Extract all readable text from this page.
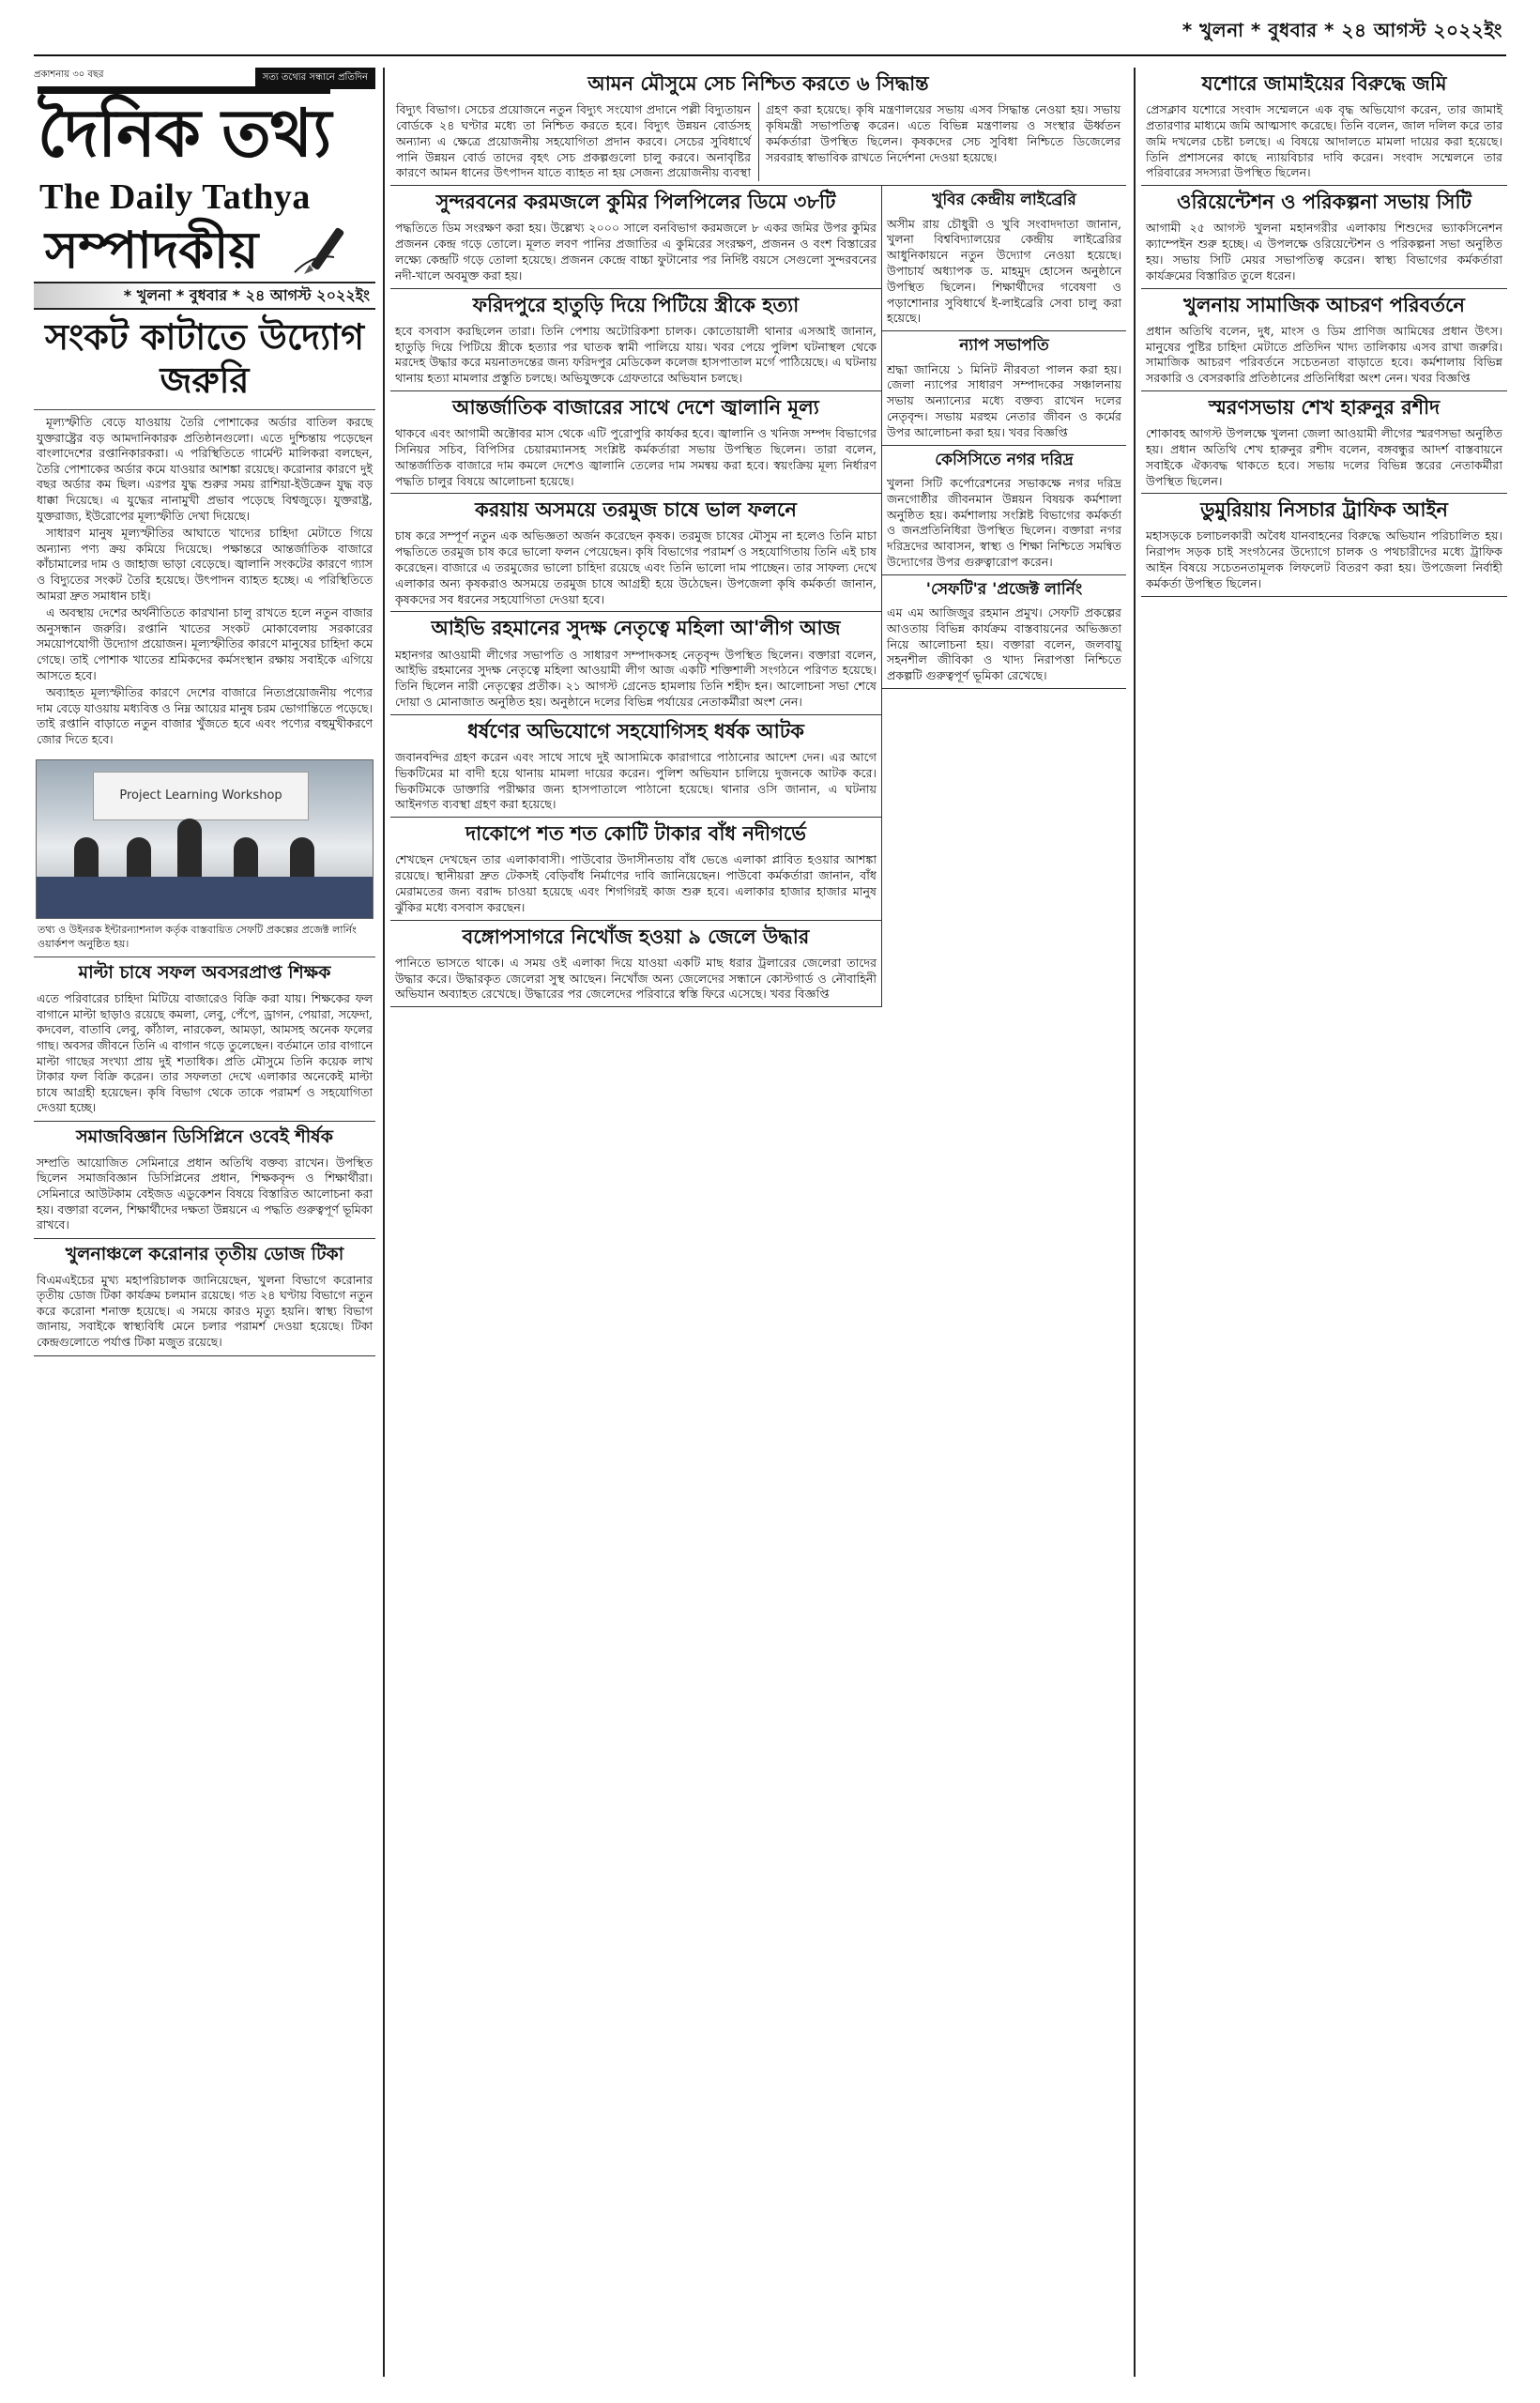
* খুলনা * বুধবার * ২৪ আগস্ট ২০২২ইং
প্রকাশনায় ৩০ বছর	সত্য তথ্যের সন্ধানে প্রতিদিন
দৈনিক তথ্য
The Daily Tathya
সম্পাদকীয়
* খুলনা * বুধবার * ২৪ আগস্ট ২০২২ইং
সংকট কাটাতে উদ্যোগ জরুরি

মূল্যস্ফীতি বেড়ে যাওয়ায় তৈরি পোশাকের অর্ডার বাতিল করছে যুক্তরাষ্ট্রের বড় আমদানিকারক প্রতিষ্ঠানগুলো। এতে দুশ্চিন্তায় পড়েছেন বাংলাদেশের রপ্তানিকারকরা। এ পরিস্থিতিতে গার্মেন্ট মালিকরা বলছেন, তৈরি পোশাকের অর্ডার কমে যাওয়ার আশঙ্কা রয়েছে। করোনার কারণে দুই বছর অর্ডার কম ছিল। এরপর যুদ্ধ শুরুর সময় রাশিয়া-ইউক্রেন যুদ্ধ বড় ধাক্কা দিয়েছে। এ যুদ্ধের নানামুখী প্রভাব পড়েছে বিশ্বজুড়ে। যুক্তরাষ্ট্র, যুক্তরাজ্য, ইউরোপের মূল্যস্ফীতি দেখা দিয়েছে।

সাধারণ মানুষ মূল্যস্ফীতির আঘাতে খাদ্যের চাহিদা মেটাতে গিয়ে অন্যান্য পণ্য ক্রয় কমিয়ে দিয়েছে। পক্ষান্তরে আন্তর্জাতিক বাজারে কাঁচামালের দাম ও জাহাজ ভাড়া বেড়েছে। জ্বালানি সংকটের কারণে গ্যাস ও বিদ্যুতের সংকট তৈরি হয়েছে। উৎপাদন ব্যাহত হচ্ছে। এ পরিস্থিতিতে আমরা দ্রুত সমাধান চাই।

এ অবস্থায় দেশের অর্থনীতিতে কারখানা চালু রাখতে হলে নতুন বাজার অনুসন্ধান জরুরি। রপ্তানি খাতের সংকট মোকাবেলায় সরকারের সময়োপযোগী উদ্যোগ প্রয়োজন। মূল্যস্ফীতির কারণে মানুষের চাহিদা কমে গেছে। তাই পোশাক খাতের শ্রমিকদের কর্মসংস্থান রক্ষায় সবাইকে এগিয়ে আসতে হবে।

অব্যাহত মূল্যস্ফীতির কারণে দেশের বাজারে নিত্যপ্রয়োজনীয় পণ্যের দাম বেড়ে যাওয়ায় মধ্যবিত্ত ও নিম্ন আয়ের মানুষ চরম ভোগান্তিতে পড়েছে। তাই রপ্তানি বাড়াতে নতুন বাজার খুঁজতে হবে এবং পণ্যের বহুমুখীকরণে জোর দিতে হবে।

Project Learning Workshop
তথ্য ও উইনরক ইন্টারন্যাশনাল কর্তৃক বাস্তবায়িত সেফটি প্রকল্পের প্রজেক্ট লার্নিং ওয়ার্কশপ অনুষ্ঠিত হয়।
মাল্টা চাষে সফল অবসরপ্রাপ্ত শিক্ষক
এতে পরিবারের চাহিদা মিটিয়ে বাজারেও বিক্রি করা যায়। শিক্ষকের ফল বাগানে মাল্টা ছাড়াও রয়েছে কমলা, লেবু, পেঁপে, ড্রাগন, পেয়ারা, সফেদা, কদবেল, বাতাবি লেবু, কাঁঠাল, নারকেল, আমড়া, আমসহ অনেক ফলের গাছ। অবসর জীবনে তিনি এ বাগান গড়ে তুলেছেন। বর্তমানে তার বাগানে মাল্টা গাছের সংখ্যা প্রায় দুই শতাধিক। প্রতি মৌসুমে তিনি কয়েক লাখ টাকার ফল বিক্রি করেন। তার সফলতা দেখে এলাকার অনেকেই মাল্টা চাষে আগ্রহী হয়েছেন। কৃষি বিভাগ থেকে তাকে পরামর্শ ও সহযোগিতা দেওয়া হচ্ছে।
সমাজবিজ্ঞান ডিসিপ্লিনে ওবেই শীর্ষক
সম্প্রতি আয়োজিত সেমিনারে প্রধান অতিথি বক্তব্য রাখেন। উপস্থিত ছিলেন সমাজবিজ্ঞান ডিসিপ্লিনের প্রধান, শিক্ষকবৃন্দ ও শিক্ষার্থীরা। সেমিনারে আউটকাম বেইজড এডুকেশন বিষয়ে বিস্তারিত আলোচনা করা হয়। বক্তারা বলেন, শিক্ষার্থীদের দক্ষতা উন্নয়নে এ পদ্ধতি গুরুত্বপূর্ণ ভূমিকা রাখবে।
খুলনাঞ্চলে করোনার তৃতীয় ডোজ টিকা
বিএমএইচের মুখ্য মহাপরিচালক জানিয়েছেন, খুলনা বিভাগে করোনার তৃতীয় ডোজ টিকা কার্যক্রম চলমান রয়েছে। গত ২৪ ঘণ্টায় বিভাগে নতুন করে করোনা শনাক্ত হয়েছে। এ সময়ে কারও মৃত্যু হয়নি। স্বাস্থ্য বিভাগ জানায়, সবাইকে স্বাস্থ্যবিধি মেনে চলার পরামর্শ দেওয়া হয়েছে। টিকা কেন্দ্রগুলোতে পর্যাপ্ত টিকা মজুত রয়েছে।
আমন মৌসুমে সেচ নিশ্চিত করতে ৬ সিদ্ধান্ত
বিদ্যুৎ বিভাগ। সেচের প্রয়োজনে নতুন বিদ্যুৎ সংযোগ প্রদানে পল্লী বিদ্যুতায়ন বোর্ডকে ২৪ ঘণ্টার মধ্যে তা নিশ্চিত করতে হবে। বিদ্যুৎ উন্নয়ন বোর্ডসহ অন্যান্য এ ক্ষেত্রে প্রয়োজনীয় সহযোগিতা প্রদান করবে। সেচের সুবিধার্থে পানি উন্নয়ন বোর্ড তাদের বৃহৎ সেচ প্রকল্পগুলো চালু করবে। অনাবৃষ্টির কারণে আমন ধানের উৎপাদন যাতে ব্যাহত না হয় সেজন্য প্রয়োজনীয় ব্যবস্থা গ্রহণ করা হয়েছে। কৃষি মন্ত্রণালয়ের সভায় এসব সিদ্ধান্ত নেওয়া হয়। সভায় কৃষিমন্ত্রী সভাপতিত্ব করেন। এতে বিভিন্ন মন্ত্রণালয় ও সংস্থার ঊর্ধ্বতন কর্মকর্তারা উপস্থিত ছিলেন। কৃষকদের সেচ সুবিধা নিশ্চিতে ডিজেলের সরবরাহ স্বাভাবিক রাখতে নির্দেশনা দেওয়া হয়েছে।
সুন্দরবনের করমজলে কুমির পিলপিলের ডিমে ৩৮টি
পদ্ধতিতে ডিম সংরক্ষণ করা হয়। উল্লেখ্য ২০০০ সালে বনবিভাগ করমজলে ৮ একর জমির উপর কুমির প্রজনন কেন্দ্র গড়ে তোলে। মূলত লবণ পানির প্রজাতির এ কুমিরের সংরক্ষণ, প্রজনন ও বংশ বিস্তারের লক্ষ্যে কেন্দ্রটি গড়ে তোলা হয়েছে। প্রজনন কেন্দ্রে বাচ্চা ফুটানোর পর নির্দিষ্ট বয়সে সেগুলো সুন্দরবনের নদী-খালে অবমুক্ত করা হয়।
ফরিদপুরে হাতুড়ি দিয়ে পিটিয়ে স্ত্রীকে হত্যা
হবে বসবাস করছিলেন তারা। তিনি পেশায় অটোরিকশা চালক। কোতোয়ালী থানার এসআই জানান, হাতুড়ি দিয়ে পিটিয়ে স্ত্রীকে হত্যার পর ঘাতক স্বামী পালিয়ে যায়। খবর পেয়ে পুলিশ ঘটনাস্থল থেকে মরদেহ উদ্ধার করে ময়নাতদন্তের জন্য ফরিদপুর মেডিকেল কলেজ হাসপাতাল মর্গে পাঠিয়েছে। এ ঘটনায় থানায় হত্যা মামলার প্রস্তুতি চলছে। অভিযুক্তকে গ্রেফতারে অভিযান চলছে।
আন্তর্জাতিক বাজারের সাথে দেশে জ্বালানি মূল্য
থাকবে এবং আগামী অক্টোবর মাস থেকে এটি পুরোপুরি কার্যকর হবে। জ্বালানি ও খনিজ সম্পদ বিভাগের সিনিয়র সচিব, বিপিসির চেয়ারম্যানসহ সংশ্লিষ্ট কর্মকর্তারা সভায় উপস্থিত ছিলেন। তারা বলেন, আন্তর্জাতিক বাজারে দাম কমলে দেশেও জ্বালানি তেলের দাম সমন্বয় করা হবে। স্বয়ংক্রিয় মূল্য নির্ধারণ পদ্ধতি চালুর বিষয়ে আলোচনা হয়েছে।
করয়ায় অসময়ে তরমুজ চাষে ভাল ফলনে
চাষ করে সম্পূর্ণ নতুন এক অভিজ্ঞতা অর্জন করেছেন কৃষক। তরমুজ চাষের মৌসুম না হলেও তিনি মাচা পদ্ধতিতে তরমুজ চাষ করে ভালো ফলন পেয়েছেন। কৃষি বিভাগের পরামর্শ ও সহযোগিতায় তিনি এই চাষ করেছেন। বাজারে এ তরমুজের ভালো চাহিদা রয়েছে এবং তিনি ভালো দাম পাচ্ছেন। তার সাফল্য দেখে এলাকার অন্য কৃষকরাও অসময়ে তরমুজ চাষে আগ্রহী হয়ে উঠেছেন। উপজেলা কৃষি কর্মকর্তা জানান, কৃষকদের সব ধরনের সহযোগিতা দেওয়া হবে।
আইভি রহমানের সুদক্ষ নেতৃত্বে মহিলা আ'লীগ আজ
মহানগর আওয়ামী লীগের সভাপতি ও সাধারণ সম্পাদকসহ নেতৃবৃন্দ উপস্থিত ছিলেন। বক্তারা বলেন, আইভি রহমানের সুদক্ষ নেতৃত্বে মহিলা আওয়ামী লীগ আজ একটি শক্তিশালী সংগঠনে পরিণত হয়েছে। তিনি ছিলেন নারী নেতৃত্বের প্রতীক। ২১ আগস্ট গ্রেনেড হামলায় তিনি শহীদ হন। আলোচনা সভা শেষে দোয়া ও মোনাজাত অনুষ্ঠিত হয়। অনুষ্ঠানে দলের বিভিন্ন পর্যায়ের নেতাকর্মীরা অংশ নেন।
ধর্ষণের অভিযোগে সহযোগিসহ ধর্ষক আটক
জবানবন্দির গ্রহণ করেন এবং সাথে সাথে দুই আসামিকে কারাগারে পাঠানোর আদেশ দেন। এর আগে ভিকটিমের মা বাদী হয়ে থানায় মামলা দায়ের করেন। পুলিশ অভিযান চালিয়ে দুজনকে আটক করে। ভিকটিমকে ডাক্তারি পরীক্ষার জন্য হাসপাতালে পাঠানো হয়েছে। থানার ওসি জানান, এ ঘটনায় আইনগত ব্যবস্থা গ্রহণ করা হয়েছে।
দাকোপে শত শত কোটি টাকার বাঁধ নদীগর্ভে
শেখছেন দেখছেন তার এলাকাবাসী। পাউবোর উদাসীনতায় বাঁধ ভেঙে এলাকা প্লাবিত হওয়ার আশঙ্কা রয়েছে। স্থানীয়রা দ্রুত টেকসই বেড়িবাঁধ নির্মাণের দাবি জানিয়েছেন। পাউবো কর্মকর্তারা জানান, বাঁধ মেরামতের জন্য বরাদ্দ চাওয়া হয়েছে এবং শিগগিরই কাজ শুরু হবে। এলাকার হাজার হাজার মানুষ ঝুঁকির মধ্যে বসবাস করছেন।
বঙ্গোপসাগরে নিখোঁজ হওয়া ৯ জেলে উদ্ধার
পানিতে ভাসতে থাকে। এ সময় ওই এলাকা দিয়ে যাওয়া একটি মাছ ধরার ট্রলারের জেলেরা তাদের উদ্ধার করে। উদ্ধারকৃত জেলেরা সুস্থ আছেন। নিখোঁজ অন্য জেলেদের সন্ধানে কোস্টগার্ড ও নৌবাহিনী অভিযান অব্যাহত রেখেছে। উদ্ধারের পর জেলেদের পরিবারে স্বস্তি ফিরে এসেছে। খবর বিজ্ঞপ্তি
খুবির কেন্দ্রীয় লাইব্রেরি
অসীম রায় চৌধুরী ও খুবি সংবাদদাতা জানান, খুলনা বিশ্ববিদ্যালয়ের কেন্দ্রীয় লাইব্রেরির আধুনিকায়নে নতুন উদ্যোগ নেওয়া হয়েছে। উপাচার্য অধ্যাপক ড. মাহমুদ হোসেন অনুষ্ঠানে উপস্থিত ছিলেন। শিক্ষার্থীদের গবেষণা ও পড়াশোনার সুবিধার্থে ই-লাইব্রেরি সেবা চালু করা হয়েছে।
ন্যাপ সভাপতি
শ্রদ্ধা জানিয়ে ১ মিনিট নীরবতা পালন করা হয়। জেলা ন্যাপের সাধারণ সম্পাদকের সঞ্চালনায় সভায় অন্যান্যের মধ্যে বক্তব্য রাখেন দলের নেতৃবৃন্দ। সভায় মরহুম নেতার জীবন ও কর্মের উপর আলোচনা করা হয়। খবর বিজ্ঞপ্তি
কেসিসিতে নগর দরিদ্র
খুলনা সিটি কর্পোরেশনের সভাকক্ষে নগর দরিদ্র জনগোষ্ঠীর জীবনমান উন্নয়ন বিষয়ক কর্মশালা অনুষ্ঠিত হয়। কর্মশালায় সংশ্লিষ্ট বিভাগের কর্মকর্তা ও জনপ্রতিনিধিরা উপস্থিত ছিলেন। বক্তারা নগর দরিদ্রদের আবাসন, স্বাস্থ্য ও শিক্ষা নিশ্চিতে সমন্বিত উদ্যোগের উপর গুরুত্বারোপ করেন।
'সেফটি'র 'প্রজেক্ট লার্নিং
এম এম আজিজুর রহমান প্রমুখ। সেফটি প্রকল্পের আওতায় বিভিন্ন কার্যক্রম বাস্তবায়নের অভিজ্ঞতা নিয়ে আলোচনা হয়। বক্তারা বলেন, জলবায়ু সহনশীল জীবিকা ও খাদ্য নিরাপত্তা নিশ্চিতে প্রকল্পটি গুরুত্বপূর্ণ ভূমিকা রেখেছে।
যশোরে জামাইয়ের বিরুদ্ধে জমি
প্রেসক্লাব যশোরে সংবাদ সম্মেলনে এক বৃদ্ধ অভিযোগ করেন, তার জামাই প্রতারণার মাধ্যমে জমি আত্মসাৎ করেছে। তিনি বলেন, জাল দলিল করে তার জমি দখলের চেষ্টা চলছে। এ বিষয়ে আদালতে মামলা দায়ের করা হয়েছে। তিনি প্রশাসনের কাছে ন্যায়বিচার দাবি করেন। সংবাদ সম্মেলনে তার পরিবারের সদস্যরা উপস্থিত ছিলেন।
ওরিয়েন্টেশন ও পরিকল্পনা সভায় সিটি
আগামী ২৫ আগস্ট খুলনা মহানগরীর এলাকায় শিশুদের ভ্যাকসিনেশন ক্যাম্পেইন শুরু হচ্ছে। এ উপলক্ষে ওরিয়েন্টেশন ও পরিকল্পনা সভা অনুষ্ঠিত হয়। সভায় সিটি মেয়র সভাপতিত্ব করেন। স্বাস্থ্য বিভাগের কর্মকর্তারা কার্যক্রমের বিস্তারিত তুলে ধরেন।
খুলনায় সামাজিক আচরণ পরিবর্তনে
প্রধান অতিথি বলেন, দুধ, মাংস ও ডিম প্রাণিজ আমিষের প্রধান উৎস। মানুষের পুষ্টির চাহিদা মেটাতে প্রতিদিন খাদ্য তালিকায় এসব রাখা জরুরি। সামাজিক আচরণ পরিবর্তনে সচেতনতা বাড়াতে হবে। কর্মশালায় বিভিন্ন সরকারি ও বেসরকারি প্রতিষ্ঠানের প্রতিনিধিরা অংশ নেন। খবর বিজ্ঞপ্তি
স্মরণসভায় শেখ হারুনুর রশীদ
শোকাবহ আগস্ট উপলক্ষে খুলনা জেলা আওয়ামী লীগের স্মরণসভা অনুষ্ঠিত হয়। প্রধান অতিথি শেখ হারুনুর রশীদ বলেন, বঙ্গবন্ধুর আদর্শ বাস্তবায়নে সবাইকে ঐক্যবদ্ধ থাকতে হবে। সভায় দলের বিভিন্ন স্তরের নেতাকর্মীরা উপস্থিত ছিলেন।
ডুমুরিয়ায় নিসচার ট্রাফিক আইন
মহাসড়কে চলাচলকারী অবৈধ যানবাহনের বিরুদ্ধে অভিযান পরিচালিত হয়। নিরাপদ সড়ক চাই সংগঠনের উদ্যোগে চালক ও পথচারীদের মধ্যে ট্রাফিক আইন বিষয়ে সচেতনতামূলক লিফলেট বিতরণ করা হয়। উপজেলা নির্বাহী কর্মকর্তা উপস্থিত ছিলেন।
